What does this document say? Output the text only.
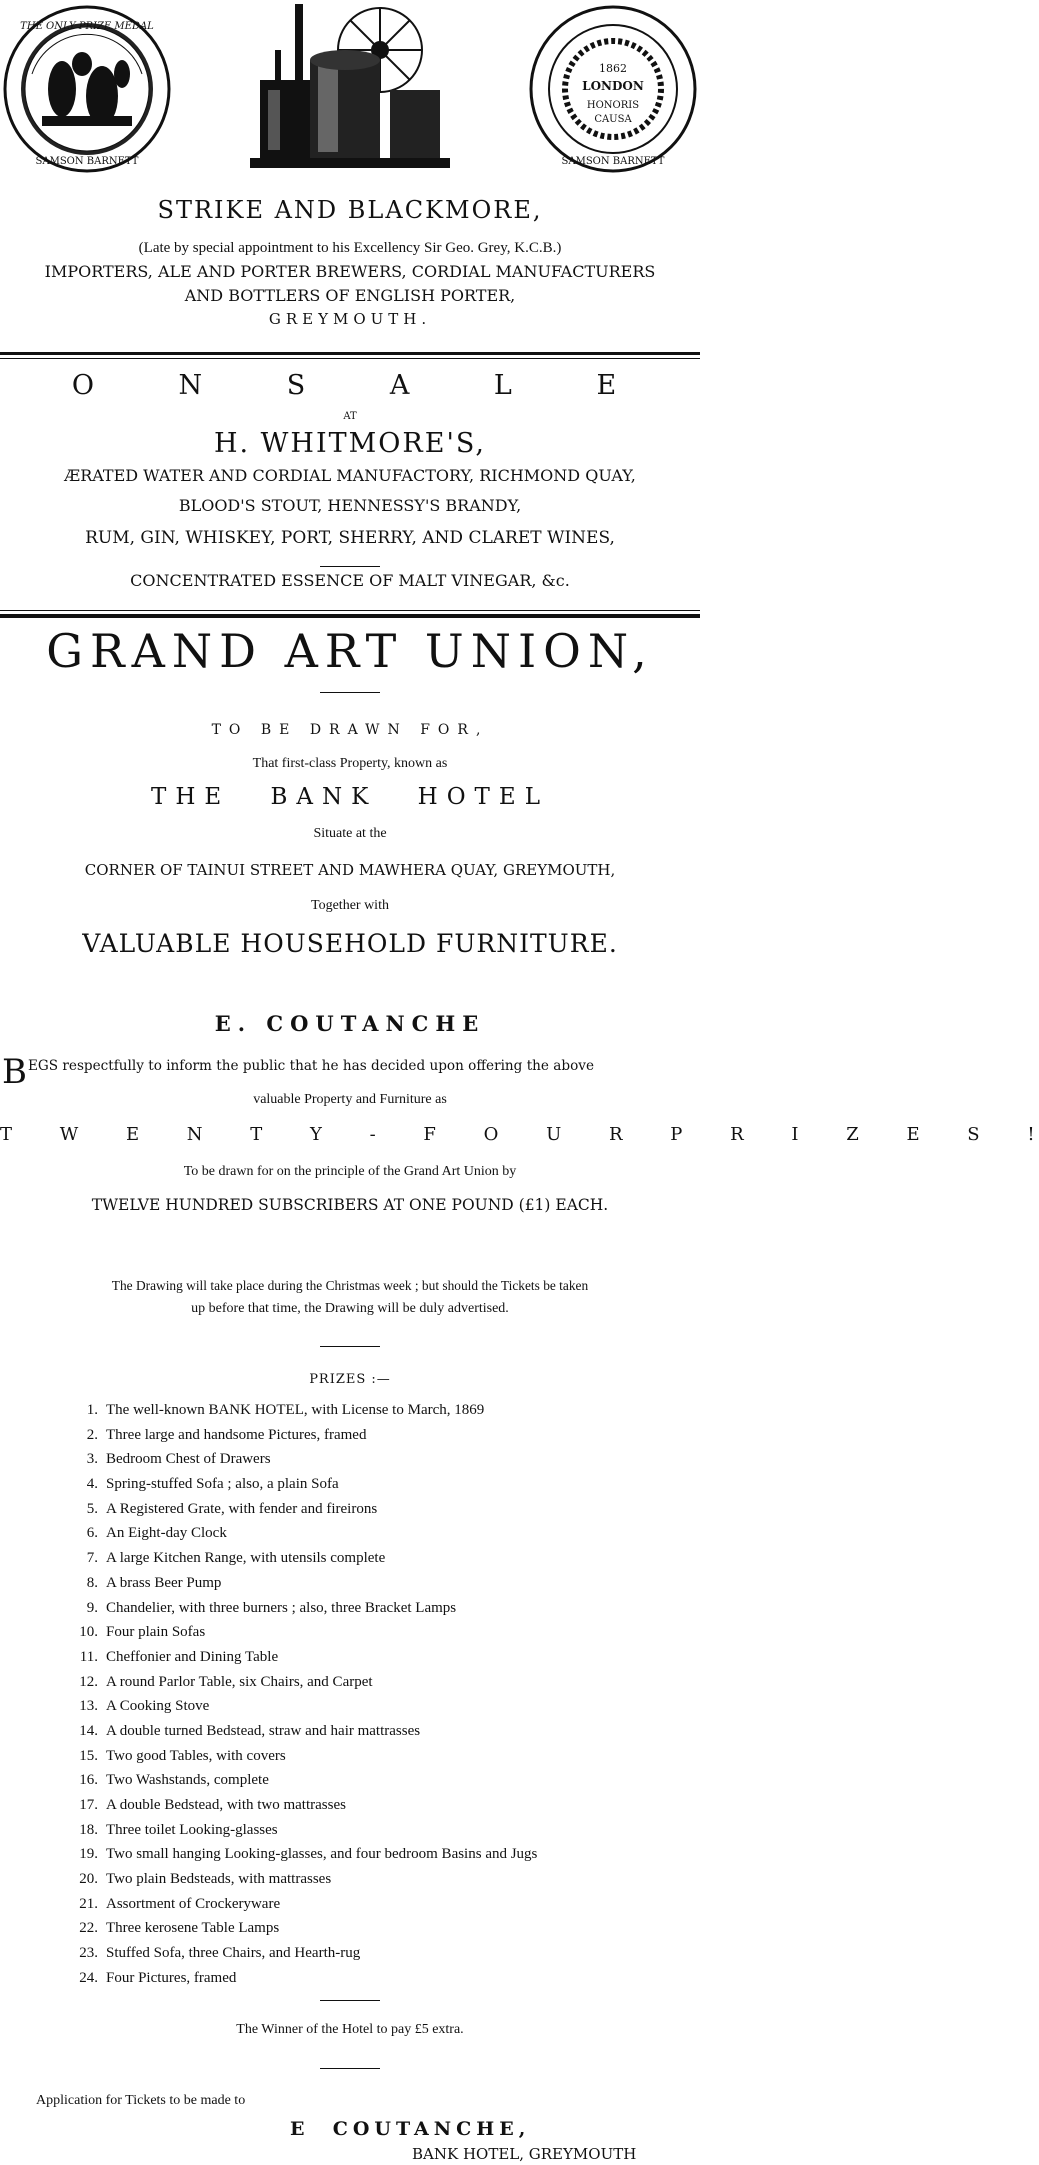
THE ONLY PRIZE MEDAL
SAMSON BARNETT
1862
LONDON
HONORIS
CAUSA
SAMSON BARNETT
STRIKE AND BLACKMORE,
(Late by special appointment to his Excellency Sir Geo. Grey, K.C.B.)
IMPORTERS, ALE AND PORTER BREWERS, CORDIAL MANUFACTURERS
AND BOTTLERS OF ENGLISH PORTER,
GREYMOUTH.
O N S A L E
AT
H. WHITMORE'S,
ÆRATED WATER AND CORDIAL MANUFACTORY, RICHMOND QUAY,
BLOOD'S STOUT, HENNESSY'S BRANDY,
RUM, GIN, WHISKEY, PORT, SHERRY, AND CLARET WINES,
CONCENTRATED ESSENCE OF MALT VINEGAR, &c.
GRAND ART UNION,
TO BE DRAWN FOR,
That first-class Property, known as
THE BANK HOTEL
Situate at the
CORNER OF TAINUI STREET AND MAWHERA QUAY, GREYMOUTH,
Together with
VALUABLE HOUSEHOLD FURNITURE.
E. COUTANCHE
B EGS respectfully to inform the public that he has decided upon offering the above
valuable Property and Furniture as
T W E N T Y - F O U R P R I Z E S !
To be drawn for on the principle of the Grand Art Union by
TWELVE HUNDRED SUBSCRIBERS AT ONE POUND (£1) EACH.
The Drawing will take place during the Christmas week ; but should the Tickets be taken
up before that time, the Drawing will be duly advertised.
PRIZES :—
1. The well-known BANK HOTEL, with License to March, 1869
2. Three large and handsome Pictures, framed
3. Bedroom Chest of Drawers
4. Spring-stuffed Sofa ; also, a plain Sofa
5. A Registered Grate, with fender and fireirons
6. An Eight-day Clock
7. A large Kitchen Range, with utensils complete
8. A brass Beer Pump
9. Chandelier, with three burners ; also, three Bracket Lamps
10. Four plain Sofas
11. Cheffonier and Dining Table
12. A round Parlor Table, six Chairs, and Carpet
13. A Cooking Stove
14. A double turned Bedstead, straw and hair mattrasses
15. Two good Tables, with covers
16. Two Washstands, complete
17. A double Bedstead, with two mattrasses
18. Three toilet Looking-glasses
19. Two small hanging Looking-glasses, and four bedroom Basins and Jugs
20. Two plain Bedsteads, with mattrasses
21. Assortment of Crockeryware
22. Three kerosene Table Lamps
23. Stuffed Sofa, three Chairs, and Hearth-rug
24. Four Pictures, framed
The Winner of the Hotel to pay £5 extra.
Application for Tickets to be made to
E  COUTANCHE,
BANK HOTEL, GREYMOUTH
